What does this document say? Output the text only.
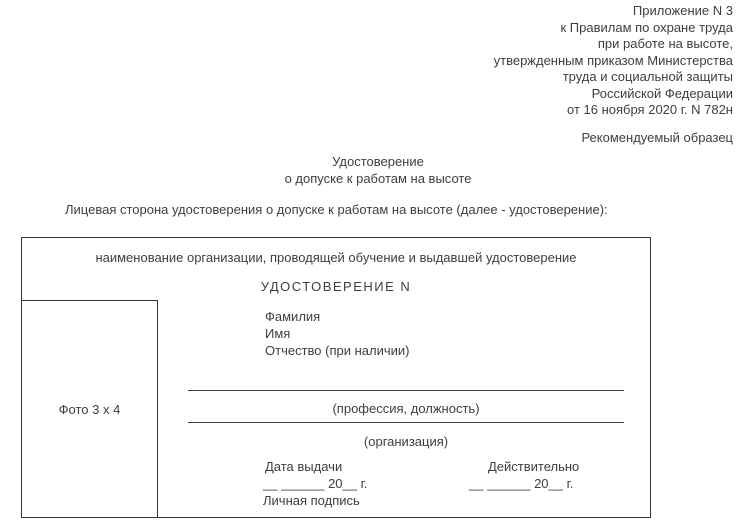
Приложение N 3
к Правилам по охране труда
при работе на высоте,
утвержденным приказом Министерства
труда и социальной защиты
Российской Федерации
от 16 ноября 2020 г. N 782н
Рекомендуемый образец
Удостоверение
о допуске к работам на высоте
Лицевая сторона удостоверения о допуске к работам на высоте (далее - удостоверение):
наименование организации, проводящей обучение и выдавшей удостоверение
УДОСТОВЕРЕНИЕ N
Фото 3 x 4
Фамилия
Имя
Отчество (при наличии)
(профессия, должность)
(организация)
Дата выдачи
__ ______ 20__ г.
Личная подпись
Действительно
__ ______ 20__ г.
